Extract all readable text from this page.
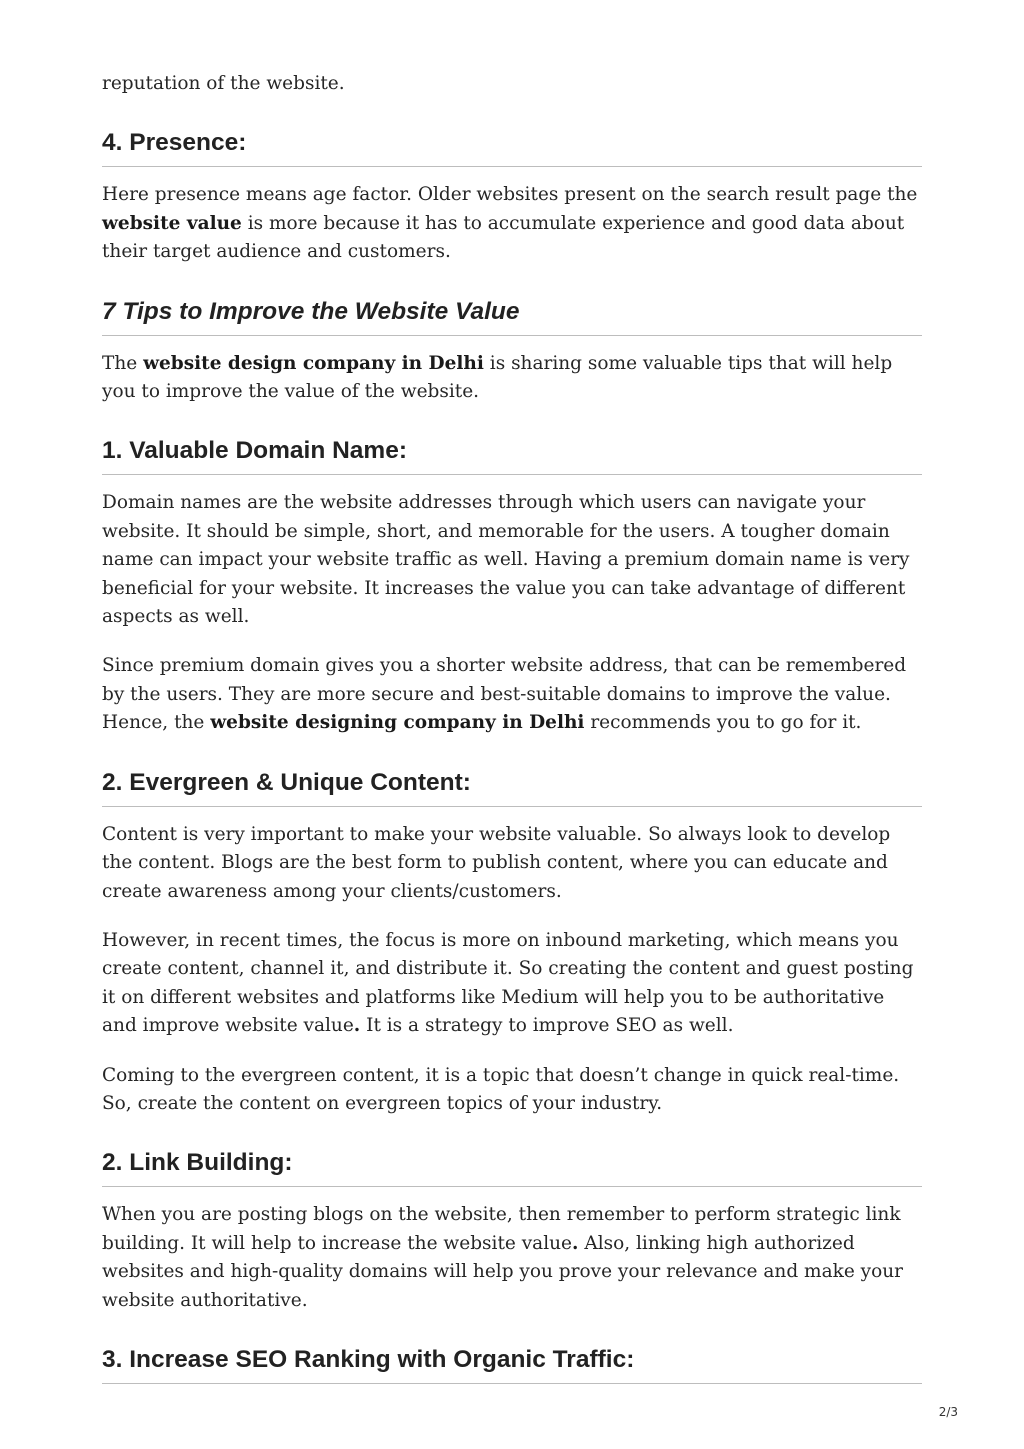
reputation of the website.

4. Presence:

Here presence means age factor. Older websites present on the search result page the website value is more because it has to accumulate experience and good data about their target audience and customers.

7 Tips to Improve the Website Value

The website design company in Delhi is sharing some valuable tips that will help you to improve the value of the website.

1. Valuable Domain Name:

Domain names are the website addresses through which users can navigate your website. It should be simple, short, and memorable for the users. A tougher domain name can impact your website traffic as well. Having a premium domain name is very beneficial for your website. It increases the value you can take advantage of different aspects as well.

Since premium domain gives you a shorter website address, that can be remembered by the users. They are more secure and best-suitable domains to improve the value. Hence, the website designing company in Delhi recommends you to go for it.

2. Evergreen & Unique Content:

Content is very important to make your website valuable. So always look to develop the content. Blogs are the best form to publish content, where you can educate and create awareness among your clients/customers.

However, in recent times, the focus is more on inbound marketing, which means you create content, channel it, and distribute it. So creating the content and guest posting it on different websites and platforms like Medium will help you to be authoritative and improve website value. It is a strategy to improve SEO as well.

Coming to the evergreen content, it is a topic that doesn’t change in quick real-time. So, create the content on evergreen topics of your industry.

2. Link Building:

When you are posting blogs on the website, then remember to perform strategic link building. It will help to increase the website value. Also, linking high authorized websites and high-quality domains will help you prove your relevance and make your website authoritative.

3. Increase SEO Ranking with Organic Traffic:
2/3
